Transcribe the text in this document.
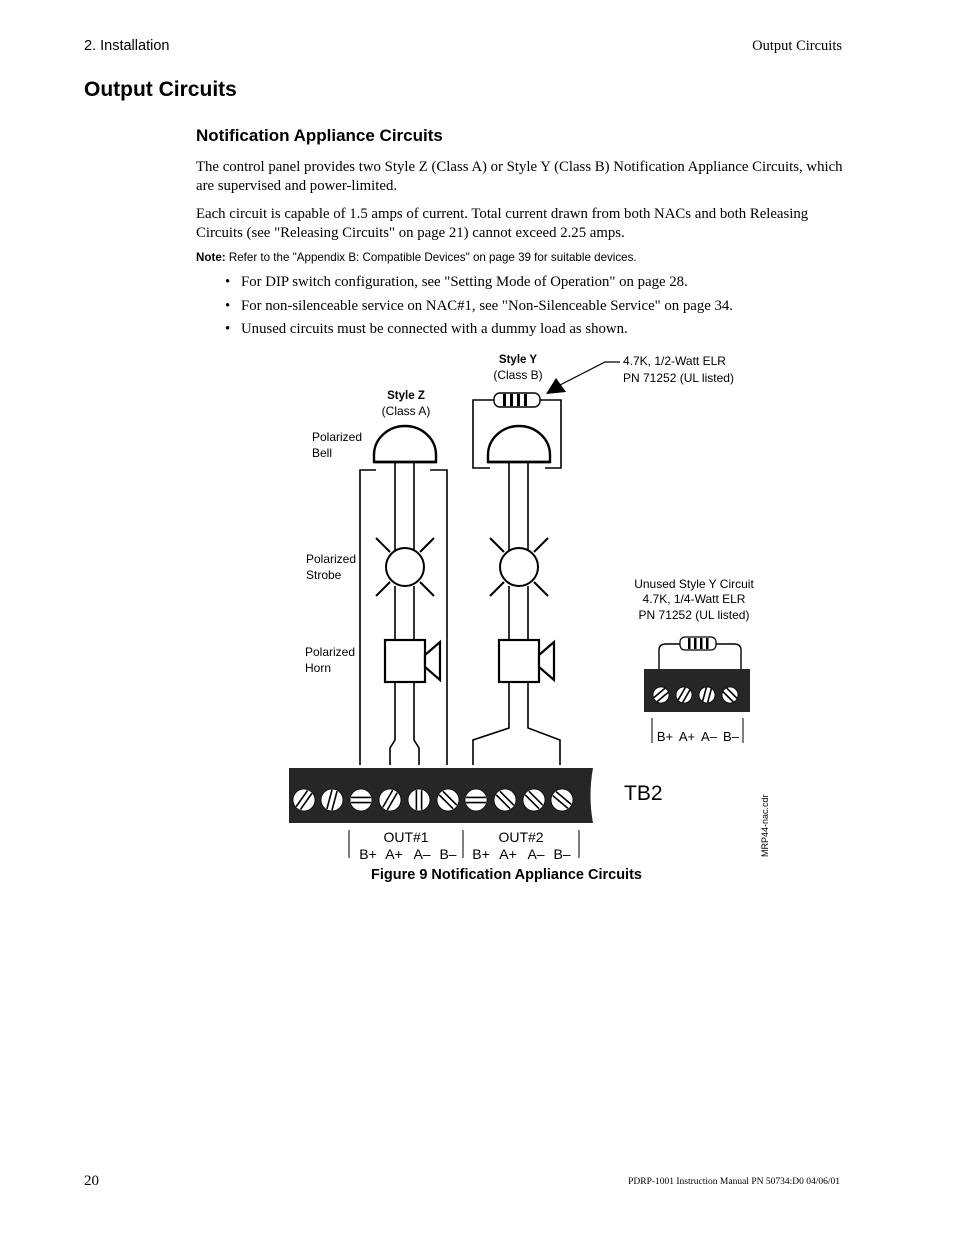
2. Installation	Output Circuits
Output Circuits
Notification Appliance Circuits
The control panel provides two Style Z (Class A) or Style Y (Class B) Notification Appliance Circuits, which are supervised and power-limited.
Each circuit is capable of 1.5 amps of current. Total current drawn from both NACs and both Releasing Circuits (see "Releasing Circuits" on page 21) cannot exceed 2.25 amps.
Note: Refer to the "Appendix B: Compatible Devices" on page 39 for suitable devices.
• For DIP switch configuration, see "Setting Mode of Operation" on page 28.
• For non-silenceable service on NAC#1, see "Non-Silenceable Service" on page 34.
• Unused circuits must be connected with a dummy load as shown.
Style Y
(Class B)
Style Z
(Class A)
4.7K, 1/2-Watt ELR
PN 71252 (UL listed)
Polarized
Bell
Polarized
Strobe
Polarized
Horn
Unused Style Y Circuit
4.7K, 1/4-Watt ELR
PN 71252 (UL listed)
B+ A+ A– B–
TB2
OUT#1	OUT#2
B+ A+ A– B– B+ A+ A– B–	MRP44-nac.cdr
Figure 9 Notification Appliance Circuits
20	PDRP-1001 Instruction Manual PN 50734:D0 04/06/01
